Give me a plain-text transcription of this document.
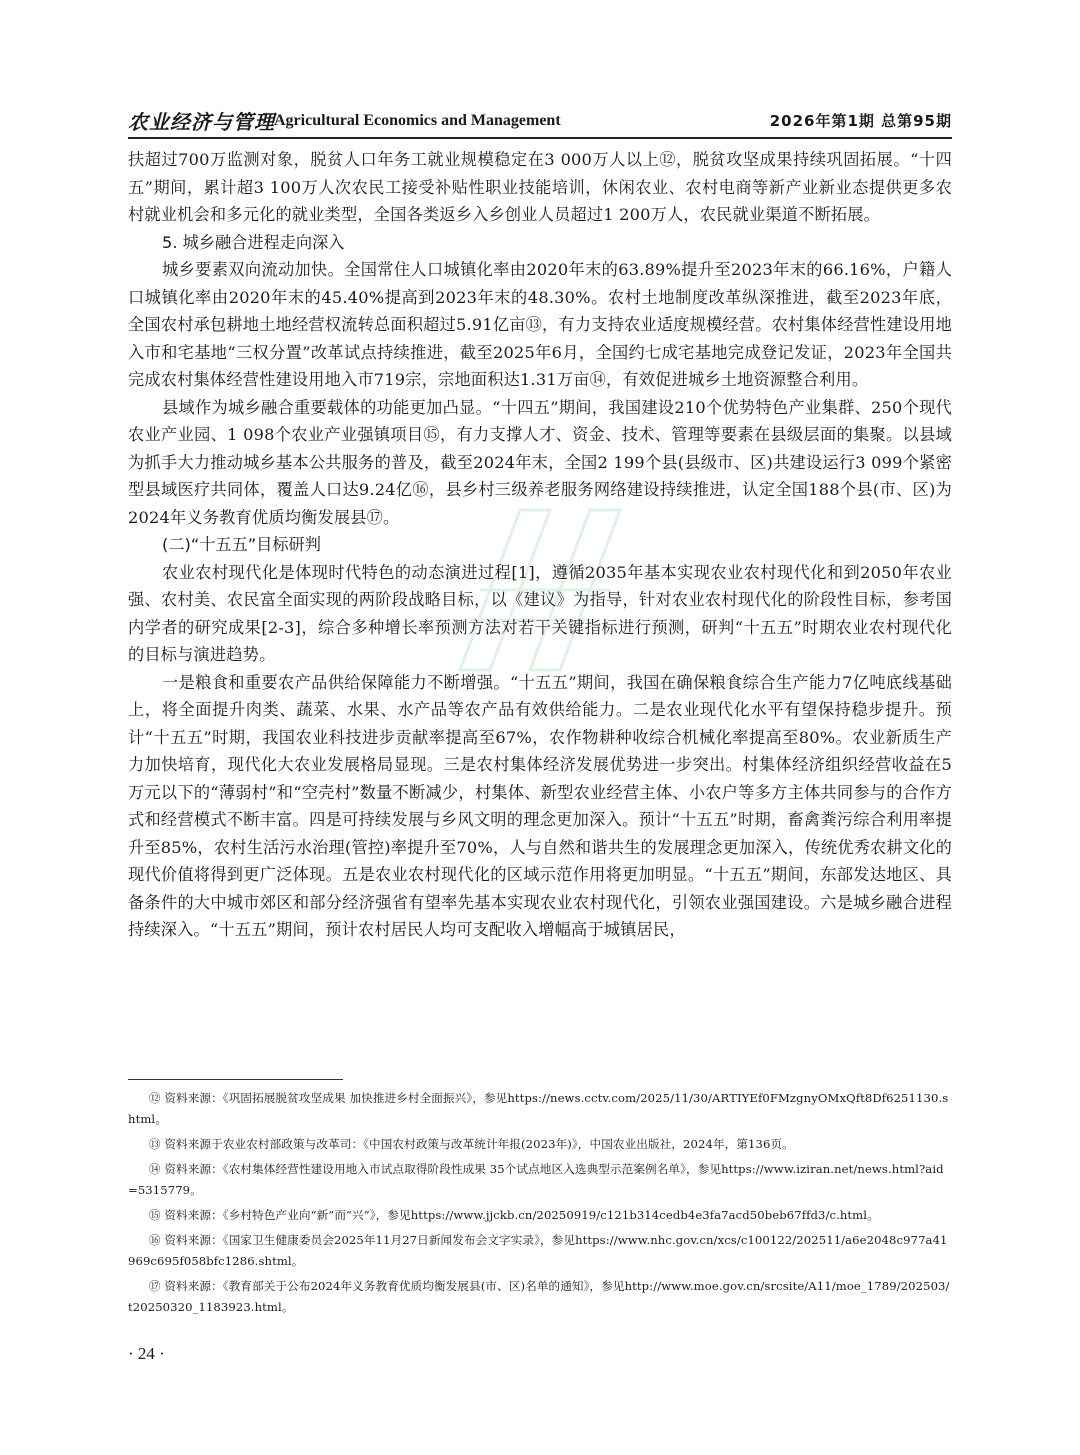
农业经济与管理 Agricultural Economics and Management	2026年第1期 总第95期

扶超过700万监测对象，脱贫人口年务工就业规模稳定在3 000万人以上⑫，脱贫攻坚成果持续巩固拓展。“十四五”期间，累计超3 100万人次农民工接受补贴性职业技能培训，休闲农业、农村电商等新产业新业态提供更多农村就业机会和多元化的就业类型，全国各类返乡入乡创业人员超过1 200万人，农民就业渠道不断拓展。

5. 城乡融合进程走向深入

城乡要素双向流动加快。全国常住人口城镇化率由2020年末的63.89%提升至2023年末的66.16%，户籍人口城镇化率由2020年末的45.40%提高到2023年末的48.30%。农村土地制度改革纵深推进，截至2023年底，全国农村承包耕地土地经营权流转总面积超过5.91亿亩⑬，有力支持农业适度规模经营。农村集体经营性建设用地入市和宅基地“三权分置”改革试点持续推进，截至2025年6月，全国约七成宅基地完成登记发证，2023年全国共完成农村集体经营性建设用地入市719宗，宗地面积达1.31万亩⑭，有效促进城乡土地资源整合利用。

县域作为城乡融合重要载体的功能更加凸显。“十四五”期间，我国建设210个优势特色产业集群、250个现代农业产业园、1 098个农业产业强镇项目⑮，有力支撑人才、资金、技术、管理等要素在县级层面的集聚。以县域为抓手大力推动城乡基本公共服务的普及，截至2024年末，全国2 199个县(县级市、区)共建设运行3 099个紧密型县域医疗共同体，覆盖人口达9.24亿⑯，县乡村三级养老服务网络建设持续推进，认定全国188个县(市、区)为2024年义务教育优质均衡发展县⑰。

(二)“十五五”目标研判

农业农村现代化是体现时代特色的动态演进过程[1]，遵循2035年基本实现农业农村现代化和到2050年农业强、农村美、农民富全面实现的两阶段战略目标，以《建议》为指导，针对农业农村现代化的阶段性目标，参考国内学者的研究成果[2-3]，综合多种增长率预测方法对若干关键指标进行预测，研判“十五五”时期农业农村现代化的目标与演进趋势。

一是粮食和重要农产品供给保障能力不断增强。“十五五”期间，我国在确保粮食综合生产能力7亿吨底线基础上，将全面提升肉类、蔬菜、水果、水产品等农产品有效供给能力。二是农业现代化水平有望保持稳步提升。预计“十五五”时期，我国农业科技进步贡献率提高至67%，农作物耕种收综合机械化率提高至80%。农业新质生产力加快培育，现代化大农业发展格局显现。三是农村集体经济发展优势进一步突出。村集体经济组织经营收益在5万元以下的“薄弱村”和“空壳村”数量不断减少，村集体、新型农业经营主体、小农户等多方主体共同参与的合作方式和经营模式不断丰富。四是可持续发展与乡风文明的理念更加深入。预计“十五五”时期，畜禽粪污综合利用率提升至85%，农村生活污水治理(管控)率提升至70%，人与自然和谐共生的发展理念更加深入，传统优秀农耕文化的现代价值将得到更广泛体现。五是农业农村现代化的区域示范作用将更加明显。“十五五”期间，东部发达地区、具备条件的大中城市郊区和部分经济强省有望率先基本实现农业农村现代化，引领农业强国建设。六是城乡融合进程持续深入。“十五五”期间，预计农村居民人均可支配收入增幅高于城镇居民，

⑫ 资料来源：《巩固拓展脱贫攻坚成果 加快推进乡村全面振兴》，参见https://news.cctv.com/2025/11/30/ARTIYEf0FMzgnyOMxQft8Df6251130.shtml。

⑬ 资料来源于农业农村部政策与改革司：《中国农村政策与改革统计年报(2023年)》，中国农业出版社，2024年，第136页。

⑭ 资料来源：《农村集体经营性建设用地入市试点取得阶段性成果 35个试点地区入选典型示范案例名单》，参见https://www.iziran.net/news.html?aid=5315779。

⑮ 资料来源：《乡村特色产业向“新”而“兴”》，参见https://www.jjckb.cn/20250919/c121b314cedb4e3fa7acd50beb67ffd3/c.html。

⑯ 资料来源：《国家卫生健康委员会2025年11月27日新闻发布会文字实录》，参见https://www.nhc.gov.cn/xcs/c100122/202511/a6e2048c977a41969c695f058bfc1286.shtml。

⑰ 资料来源：《教育部关于公布2024年义务教育优质均衡发展县(市、区)名单的通知》，参见http://www.moe.gov.cn/srcsite/A11/moe_1789/202503/t20250320_1183923.html。

· 24 ·
